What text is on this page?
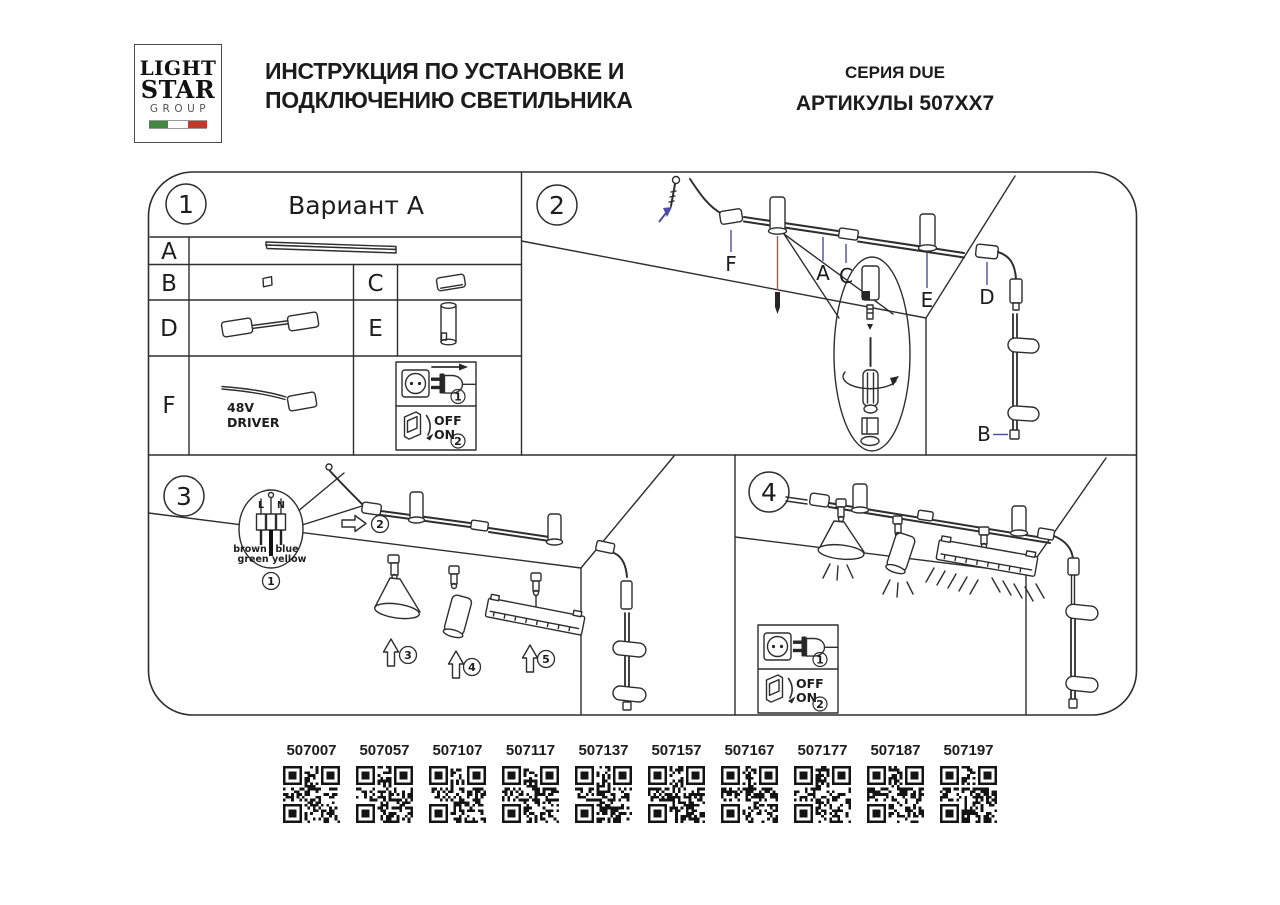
LIGHT
STAR
GROUP
ИНСТРУКЦИЯ ПО УСТАНОВКЕ И
ПОДКЛЮЧЕНИЮ СВЕТИЛЬНИКА
СЕРИЯ DUE
АРТИКУЛЫ 507XX7
1	Вариант A
A
B	C
D	E
F	48V
DRIVER
1
OFF
ON 2
2
F	A C
E D
B
3	L N
brown blue
green yellow
1
2
3
4
5
4
1
OFF
ON 2
507007 507057 507107 507117 507137 507157 507167 507177 507187 507197
